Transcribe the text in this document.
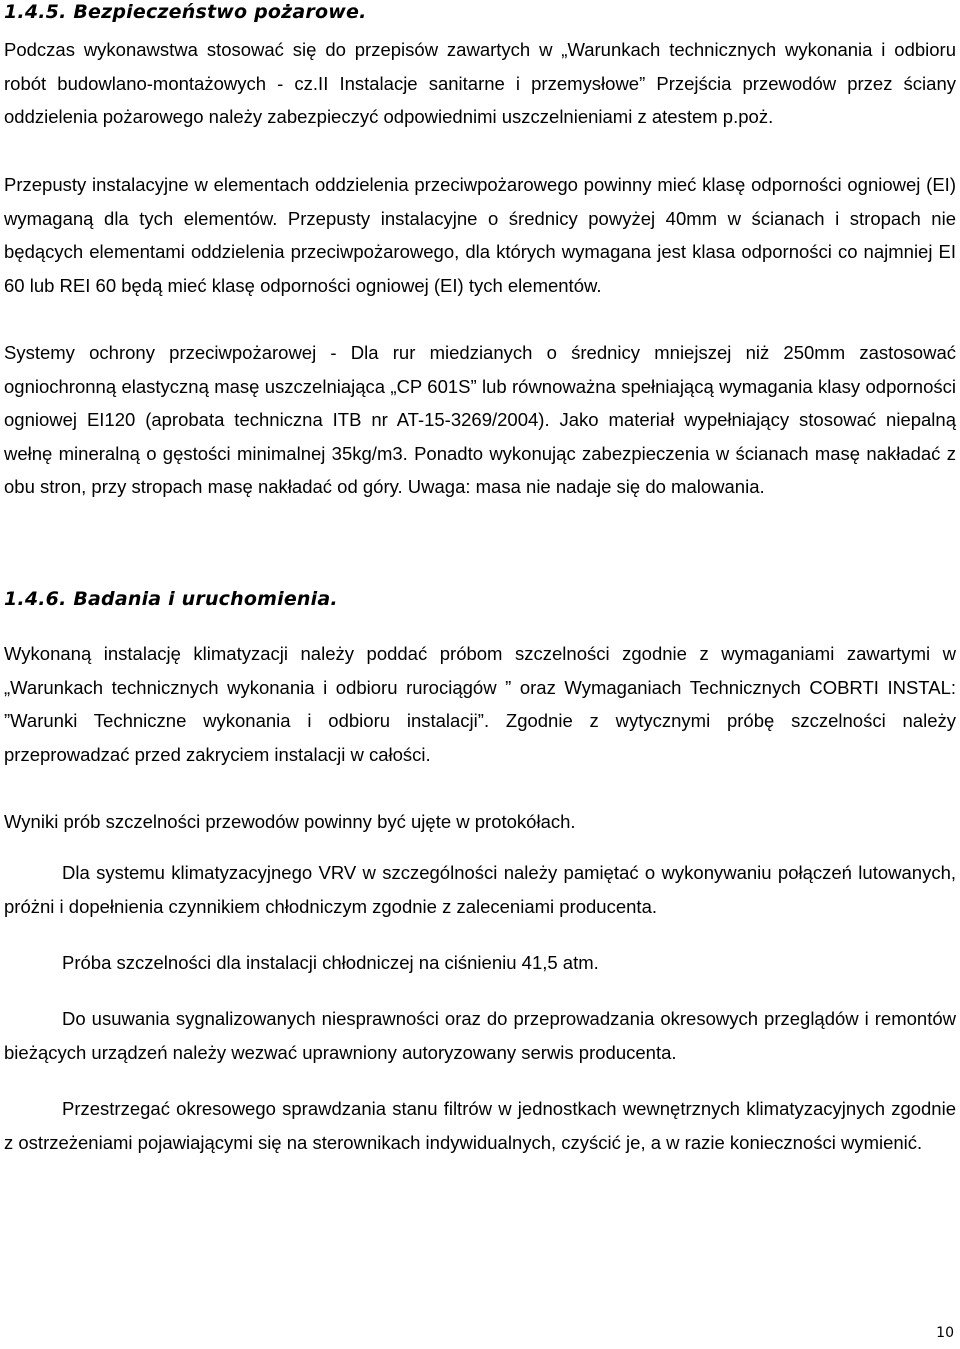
1.4.5. Bezpieczeństwo pożarowe.

Podczas wykonawstwa stosować się do przepisów zawartych w „Warunkach technicznych wykonania i odbioru robót budowlano-montażowych - cz.II Instalacje sanitarne i przemysłowe” Przejścia przewodów przez ściany oddzielenia pożarowego należy zabezpieczyć odpowiednimi uszczelnieniami z atestem p.poż.

Przepusty instalacyjne w elementach oddzielenia przeciwpożarowego powinny mieć klasę odporności ogniowej (EI) wymaganą dla tych elementów. Przepusty instalacyjne o średnicy powyżej 40mm w ścianach i stropach nie będących elementami oddzielenia przeciwpożarowego, dla których wymagana jest klasa odporności co najmniej EI 60 lub REI 60 będą mieć klasę odporności ogniowej (EI) tych elementów.

Systemy ochrony przeciwpożarowej - Dla rur miedzianych o średnicy mniejszej niż 250mm zastosować ogniochronną elastyczną masę uszczelniająca „CP 601S” lub równoważna spełniającą wymagania klasy odporności ogniowej EI120 (aprobata techniczna ITB nr AT-15-3269/2004). Jako materiał wypełniający stosować niepalną wełnę mineralną o gęstości minimalnej 35kg/m3. Ponadto wykonując zabezpieczenia w ścianach masę nakładać z obu stron, przy stropach masę nakładać od góry. Uwaga: masa nie nadaje się do malowania.

1.4.6. Badania i uruchomienia.

Wykonaną instalację klimatyzacji należy poddać próbom szczelności zgodnie z wymaganiami zawartymi w „Warunkach technicznych wykonania i odbioru rurociągów ” oraz Wymaganiach Technicznych COBRTI INSTAL: ”Warunki Techniczne wykonania i odbioru instalacji”. Zgodnie z wytycznymi próbę szczelności należy przeprowadzać przed zakryciem instalacji w całości.

Wyniki prób szczelności przewodów powinny być ujęte w protokółach.

Dla systemu klimatyzacyjnego VRV w szczególności należy pamiętać o wykonywaniu połączeń lutowanych, próżni i dopełnienia czynnikiem chłodniczym zgodnie z zaleceniami producenta.

Próba szczelności dla instalacji chłodniczej na ciśnieniu 41,5 atm.

Do usuwania sygnalizowanych niesprawności oraz do przeprowadzania okresowych przeglądów i remontów bieżących urządzeń należy wezwać uprawniony autoryzowany serwis producenta.

Przestrzegać okresowego sprawdzania stanu filtrów w jednostkach wewnętrznych klimatyzacyjnych zgodnie z ostrzeżeniami pojawiającymi się na sterownikach indywidualnych, czyścić je, a w razie konieczności wymienić.

10
